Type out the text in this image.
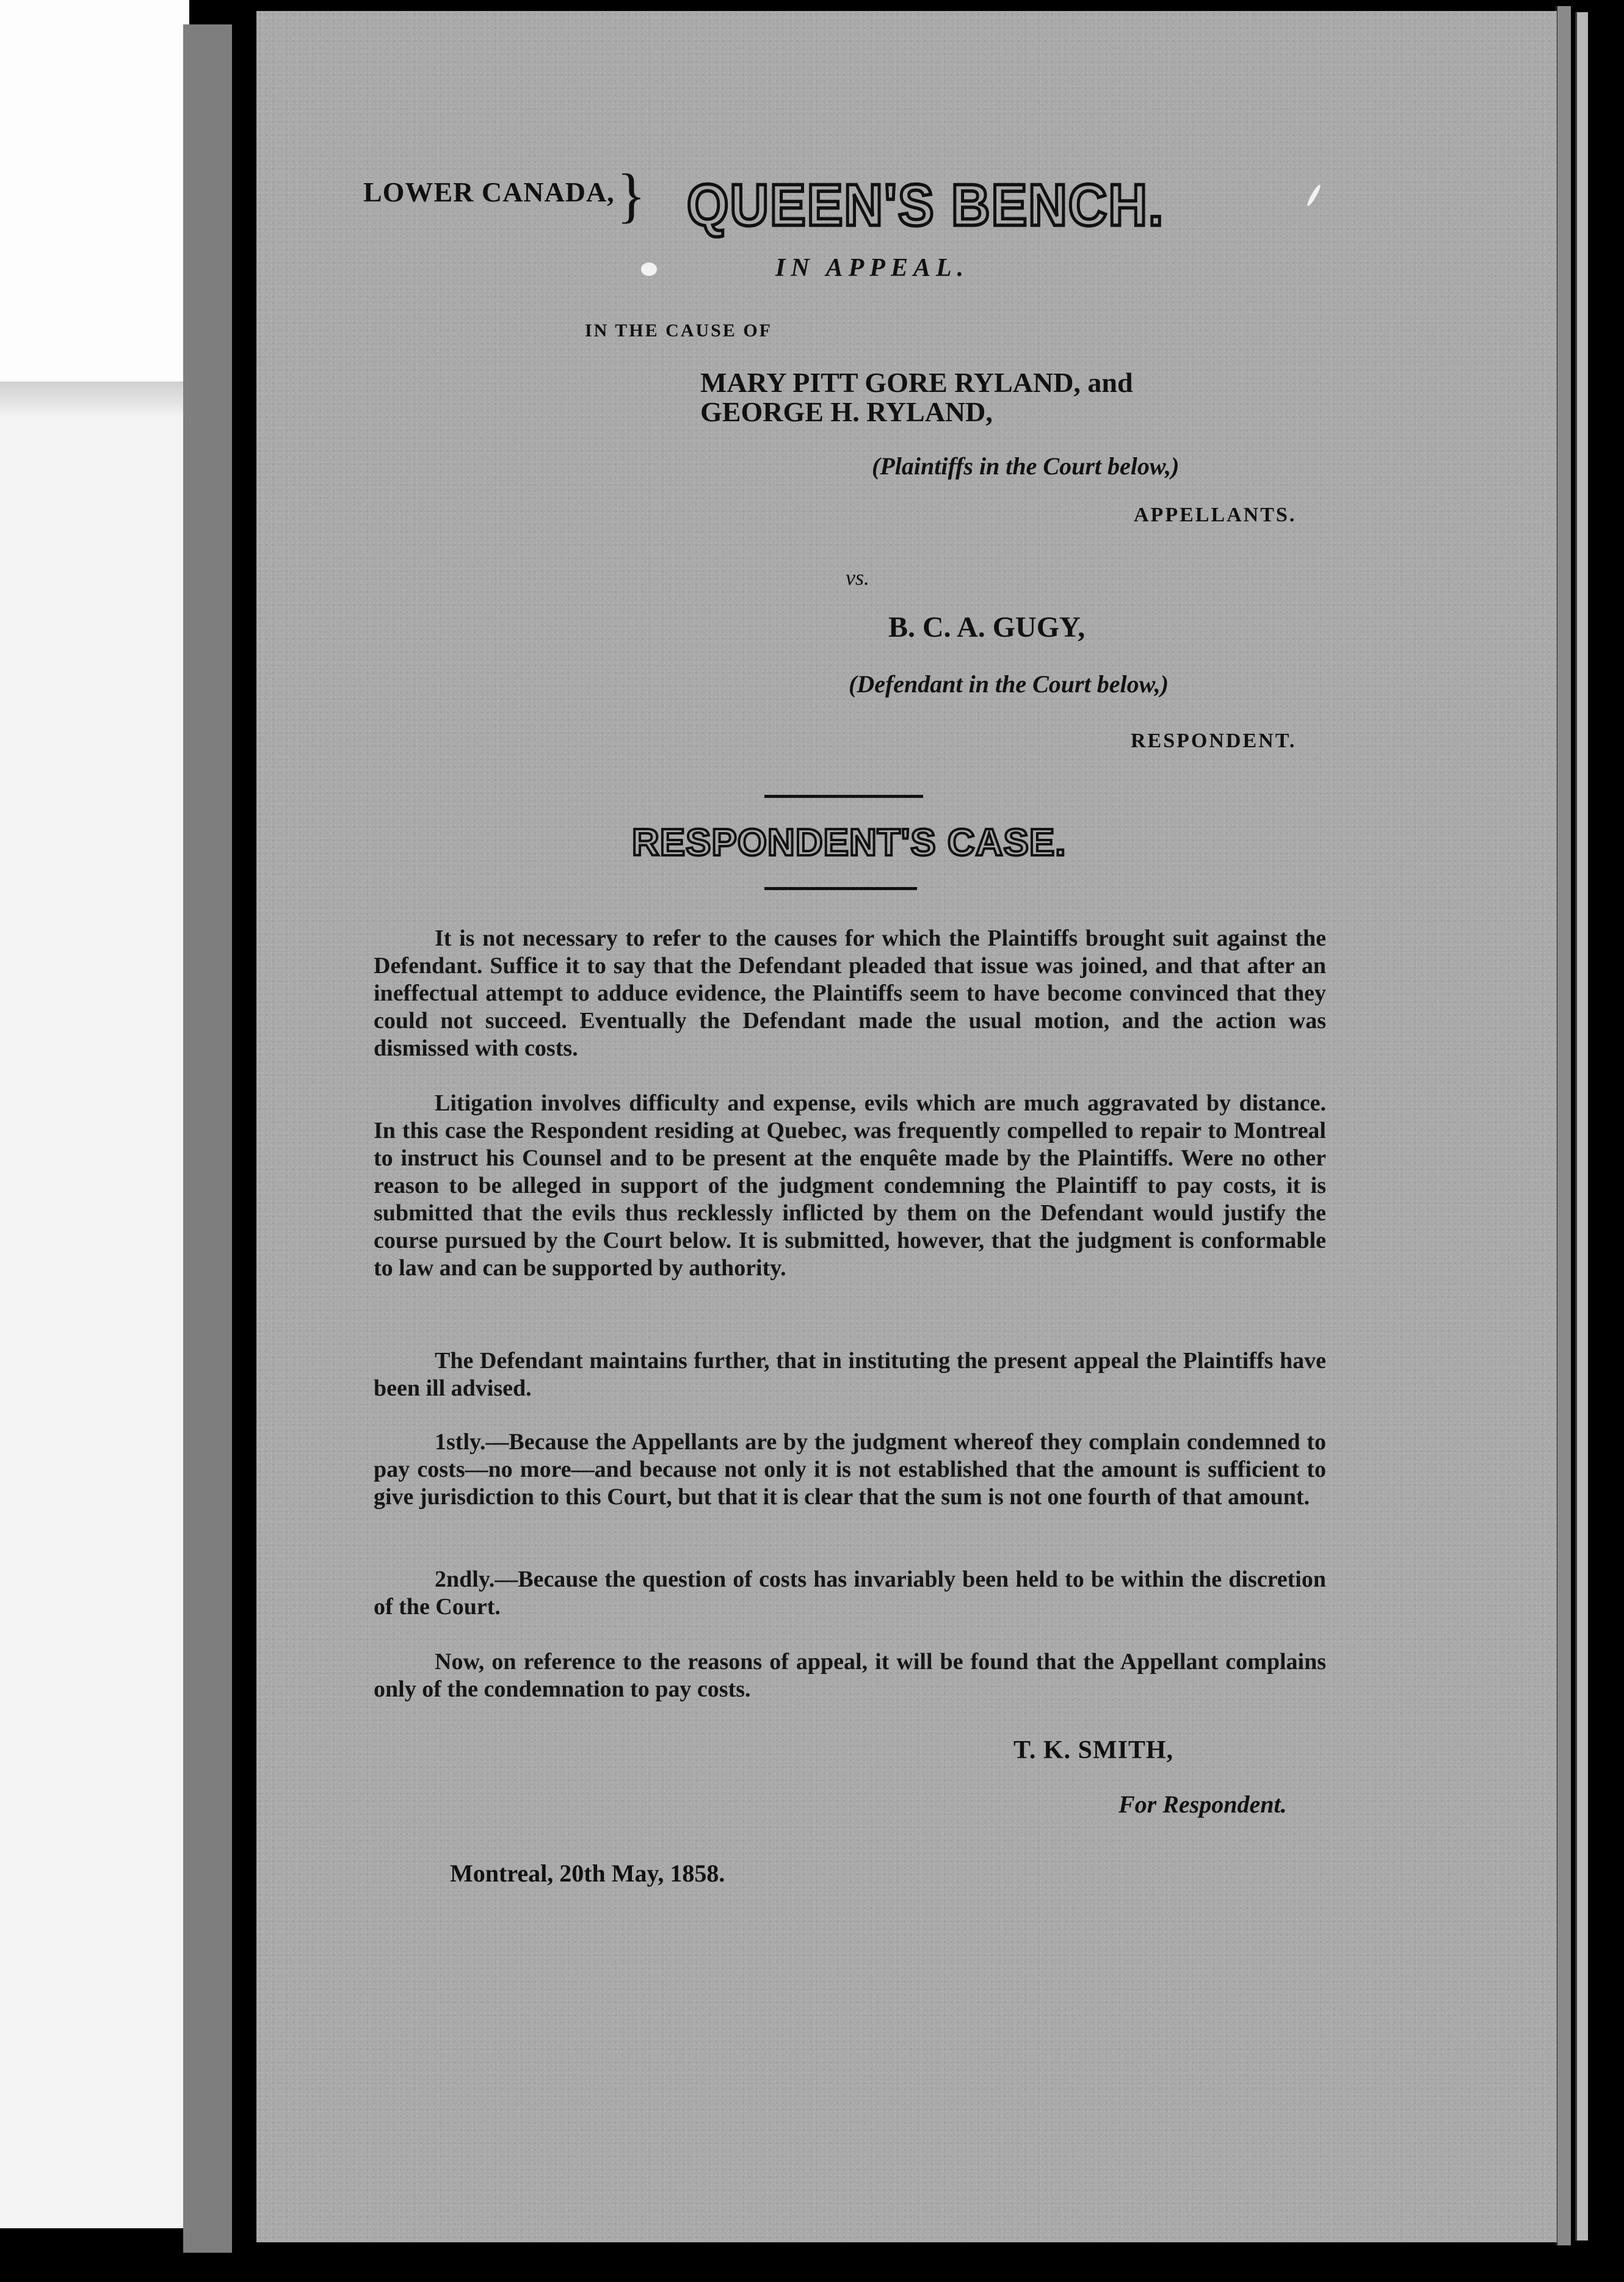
LOWER CANADA, } QUEEN'S BENCH.
IN APPEAL.
IN THE CAUSE OF
MARY PITT GORE RYLAND, and
GEORGE H. RYLAND,
(Plaintiffs in the Court below,)
APPELLANTS.
vs.
B. C. A. GUGY,
(Defendant in the Court below,)
RESPONDENT.
RESPONDENT'S CASE.
It is not necessary to refer to the causes for which the Plaintiffs brought suit against the Defendant. Suffice it to say that the Defendant pleaded that issue was joined, and that after an ineffectual attempt to adduce evidence, the Plaintiffs seem to have become convinced that they could not succeed. Eventually the Defendant made the usual motion, and the action was dismissed with costs.
Litigation involves difficulty and expense, evils which are much aggravated by distance. In this case the Respondent residing at Quebec, was frequently compelled to repair to Montreal to instruct his Counsel and to be present at the enquête made by the Plaintiffs. Were no other reason to be alleged in support of the judgment condemning the Plaintiff to pay costs, it is submitted that the evils thus recklessly inflicted by them on the Defendant would justify the course pursued by the Court below. It is submitted, however, that the judgment is conformable to law and can be supported by authority.
The Defendant maintains further, that in instituting the present appeal the Plaintiffs have been ill advised.
1stly.—Because the Appellants are by the judgment whereof they complain condemned to pay costs—no more—and because not only it is not established that the amount is sufficient to give jurisdiction to this Court, but that it is clear that the sum is not one fourth of that amount.
2ndly.—Because the question of costs has invariably been held to be within the discretion of the Court.
Now, on reference to the reasons of appeal, it will be found that the Appellant complains only of the condemnation to pay costs.
T. K. SMITH,
For Respondent.
Montreal, 20th May, 1858.
